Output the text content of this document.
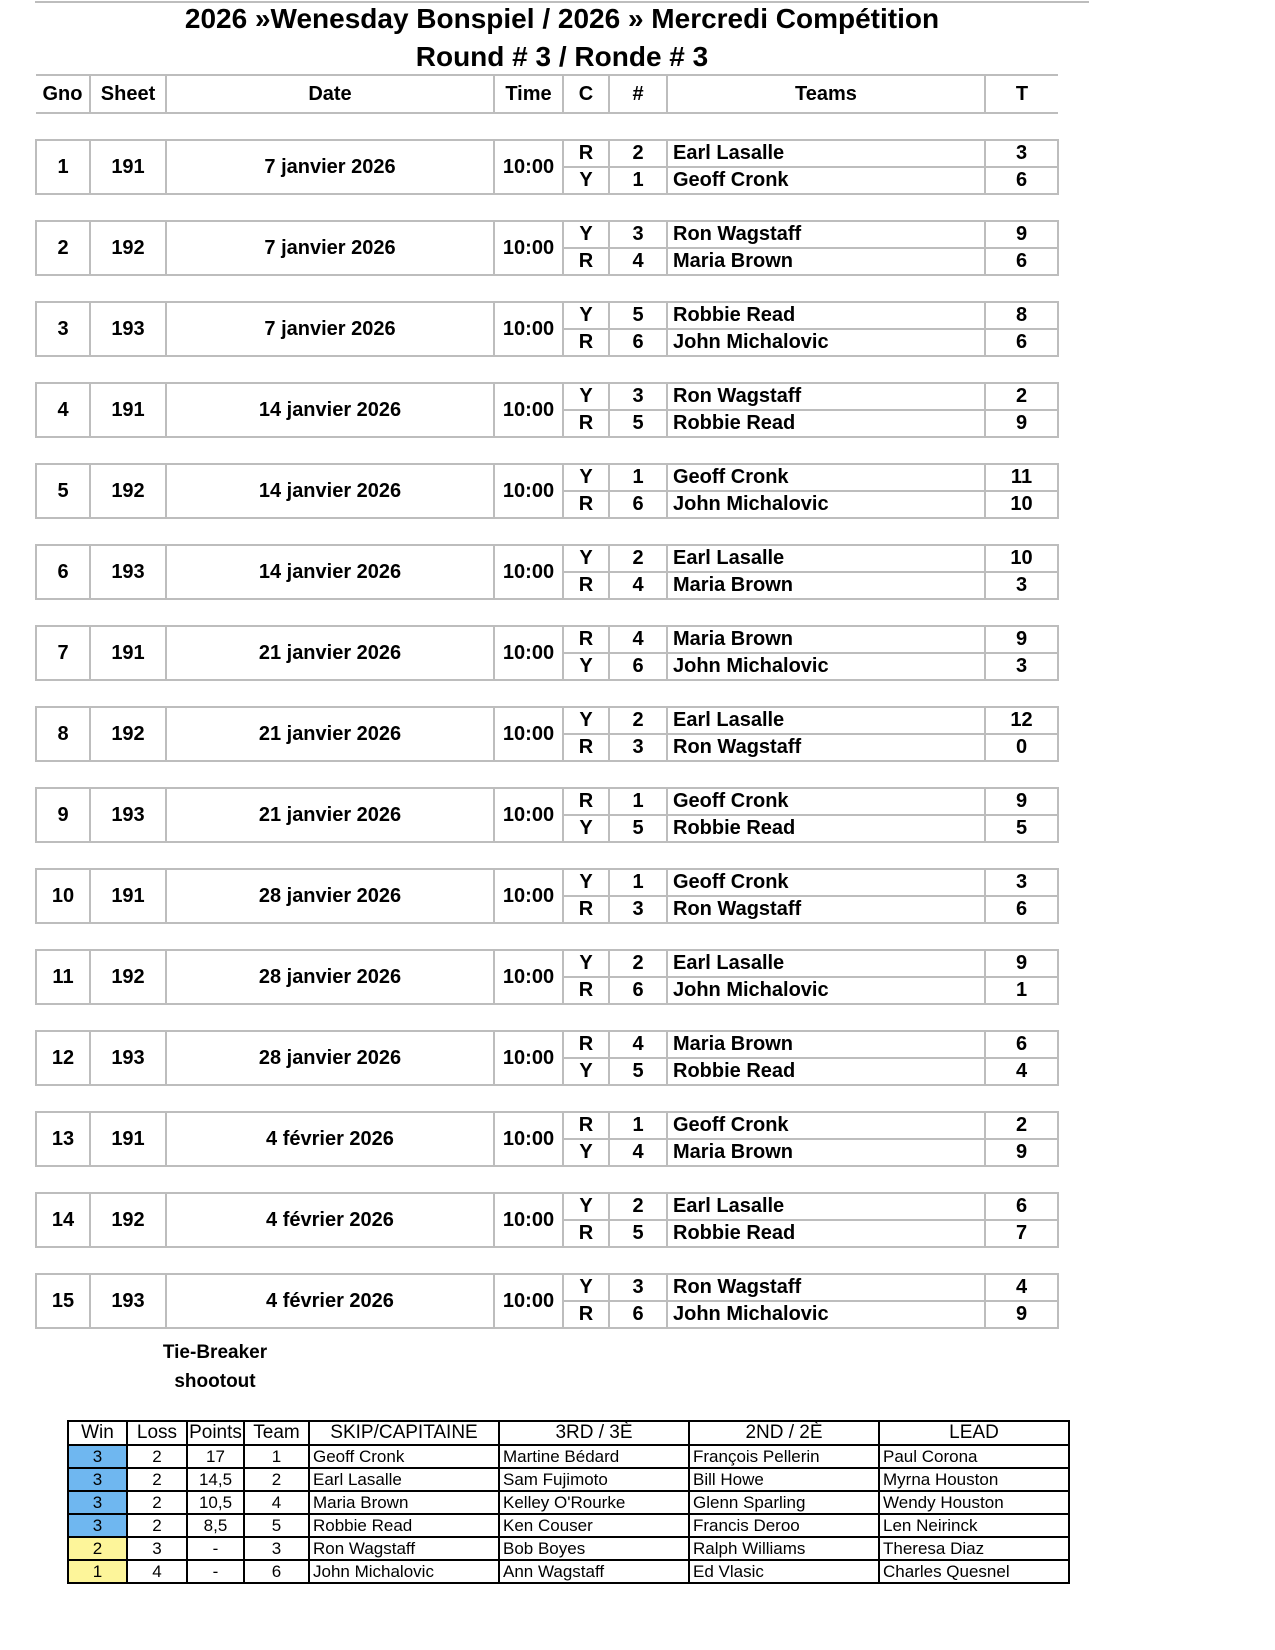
2026 »Wenesday Bonspiel / 2026 » Mercredi Compétition
Round # 3 / Ronde # 3
Gno	Sheet	Date	Time	C	#	Teams	T

1	191	7 janvier 2026	10:00	R	2	Earl Lasalle	3
				Y	1	Geoff Cronk	6

2	192	7 janvier 2026	10:00	Y	3	Ron Wagstaff	9
				R	4	Maria Brown	6

3	193	7 janvier 2026	10:00	Y	5	Robbie Read	8
				R	6	John Michalovic	6

4	191	14 janvier 2026	10:00	Y	3	Ron Wagstaff	2
				R	5	Robbie Read	9

5	192	14 janvier 2026	10:00	Y	1	Geoff Cronk	11
				R	6	John Michalovic	10

6	193	14 janvier 2026	10:00	Y	2	Earl Lasalle	10
				R	4	Maria Brown	3

7	191	21 janvier 2026	10:00	R	4	Maria Brown	9
				Y	6	John Michalovic	3

8	192	21 janvier 2026	10:00	Y	2	Earl Lasalle	12
				R	3	Ron Wagstaff	0

9	193	21 janvier 2026	10:00	R	1	Geoff Cronk	9
				Y	5	Robbie Read	5

10	191	28 janvier 2026	10:00	Y	1	Geoff Cronk	3
				R	3	Ron Wagstaff	6

11	192	28 janvier 2026	10:00	Y	2	Earl Lasalle	9
				R	6	John Michalovic	1

12	193	28 janvier 2026	10:00	R	4	Maria Brown	6
				Y	5	Robbie Read	4

13	191	4 février 2026	10:00	R	1	Geoff Cronk	2
				Y	4	Maria Brown	9

14	192	4 février 2026	10:00	Y	2	Earl Lasalle	6
				R	5	Robbie Read	7

15	193	4 février 2026	10:00	Y	3	Ron Wagstaff	4
				R	6	John Michalovic	9
Tie-Breaker
shootout
Win	Loss	Points	Team	SKIP/CAPITAINE	3RD / 3È	2ND / 2È	LEAD
3	2	17	1	Geoff Cronk	Martine Bédard	François Pellerin	Paul Corona
3	2	14,5	2	Earl Lasalle	Sam Fujimoto	Bill Howe	Myrna Houston
3	2	10,5	4	Maria Brown	Kelley O'Rourke	Glenn Sparling	Wendy Houston
3	2	8,5	5	Robbie Read	Ken Couser	Francis Deroo	Len Neirinck
2	3	-	3	Ron Wagstaff	Bob Boyes	Ralph Williams	Theresa Diaz
1	4	-	6	John Michalovic	Ann Wagstaff	Ed Vlasic	Charles Quesnel
